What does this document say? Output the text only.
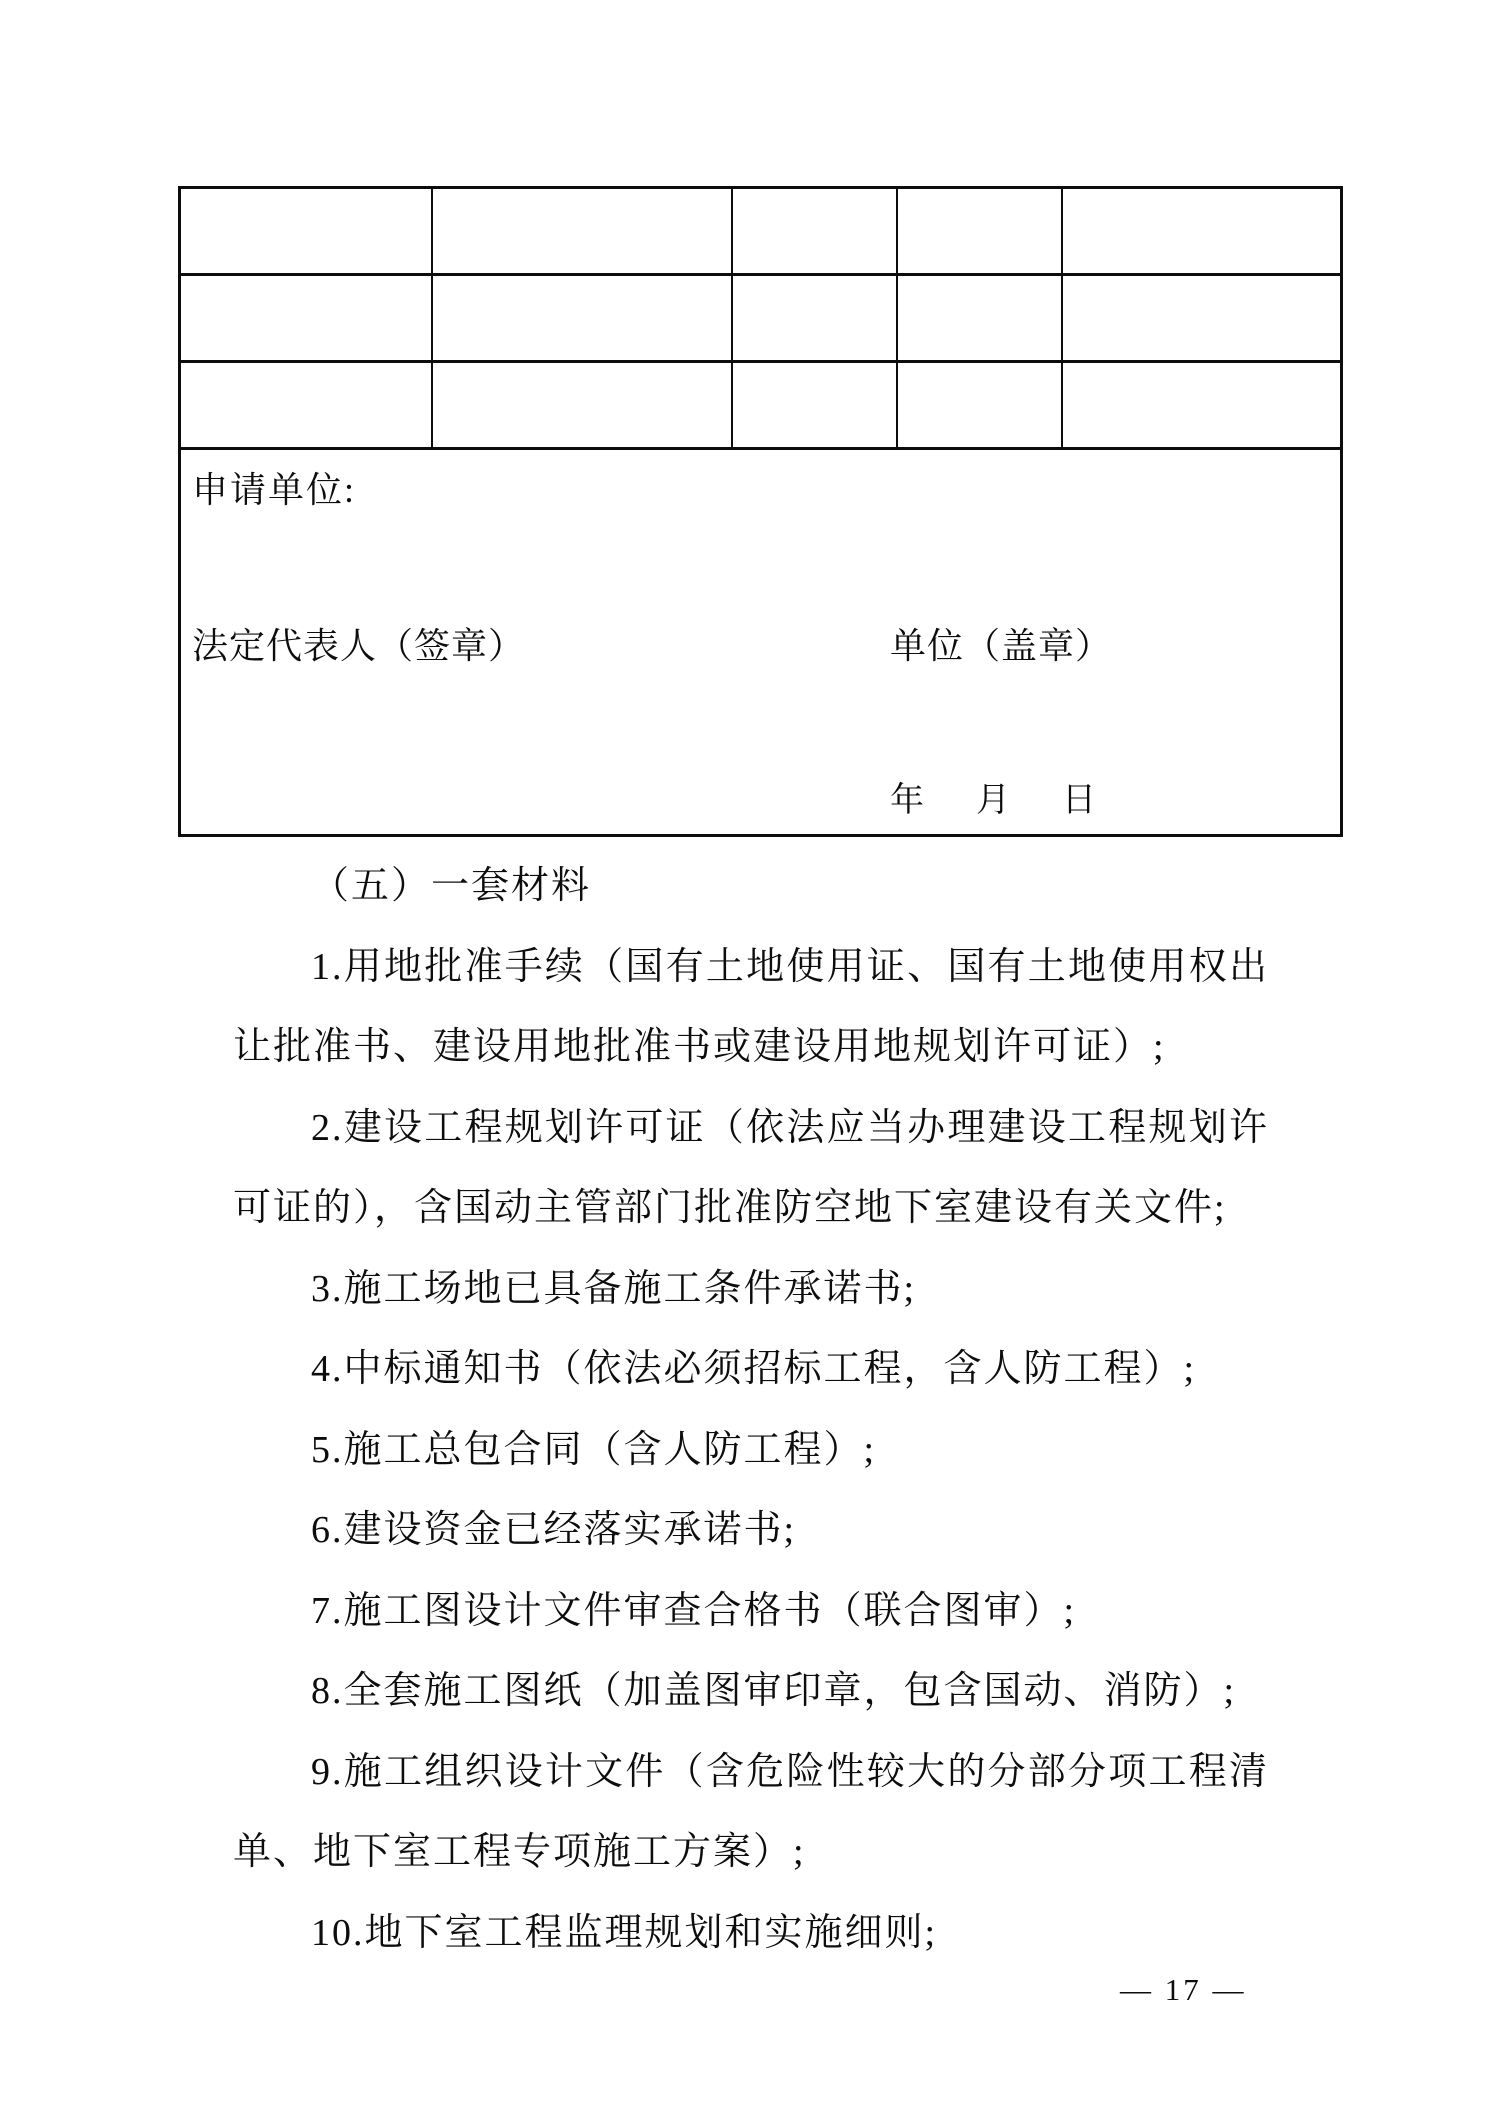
申请单位:
法定代表人（签章）	单位（盖章）
年 月 日
（五）一套材料
1.用地批准手续（国有土地使用证、国有土地使用权出
让批准书、建设用地批准书或建设用地规划许可证）;
2.建设工程规划许可证（依法应当办理建设工程规划许
可证的），含国动主管部门批准防空地下室建设有关文件;
3.施工场地已具备施工条件承诺书;
4.中标通知书（依法必须招标工程，含人防工程）;
5.施工总包合同（含人防工程）;
6.建设资金已经落实承诺书;
7.施工图设计文件审查合格书（联合图审）;
8.全套施工图纸（加盖图审印章，包含国动、消防）;
9.施工组织设计文件（含危险性较大的分部分项工程清
单、地下室工程专项施工方案）;
10.地下室工程监理规划和实施细则;
— 17 —
